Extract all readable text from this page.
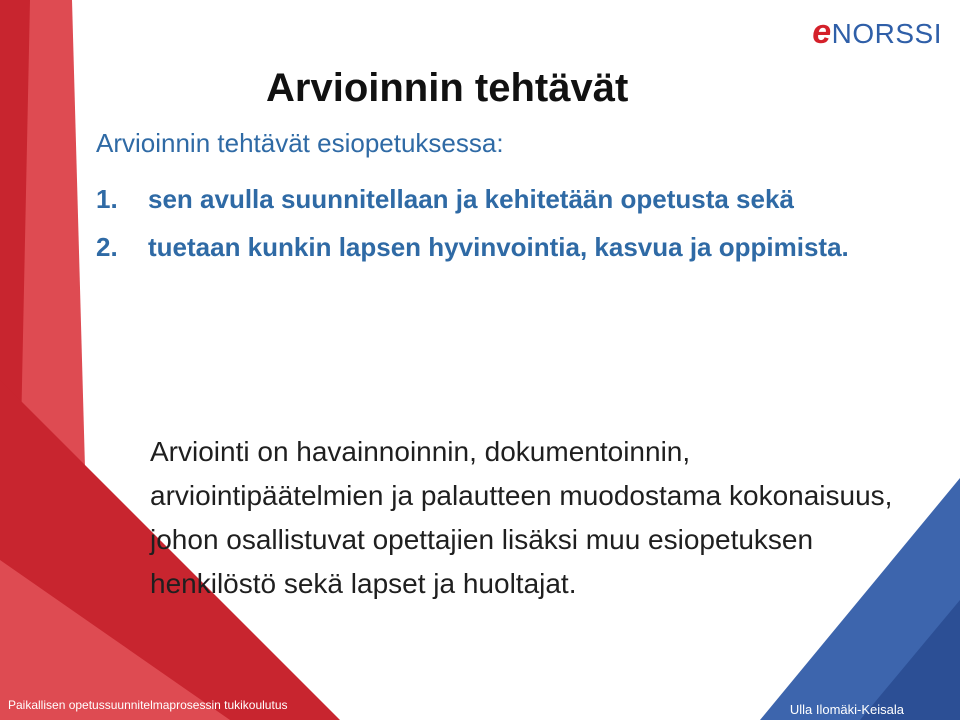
eNORSSI
Arvioinnin tehtävät
Arvioinnin tehtävät esiopetuksessa:
1. sen avulla suunnitellaan ja kehitetään opetusta sekä
2. tuetaan kunkin lapsen hyvinvointia, kasvua ja oppimista.
Arviointi on havainnoinnin, dokumentoinnin, arviointipäätelmien ja palautteen muodostama kokonaisuus, johon osallistuvat opettajien lisäksi muu esiopetuksen henkilöstö sekä lapset ja huoltajat.
Paikallisen opetussuunnitelmaprosessin tukikoulutus	Ulla Ilomäki-Keisala
